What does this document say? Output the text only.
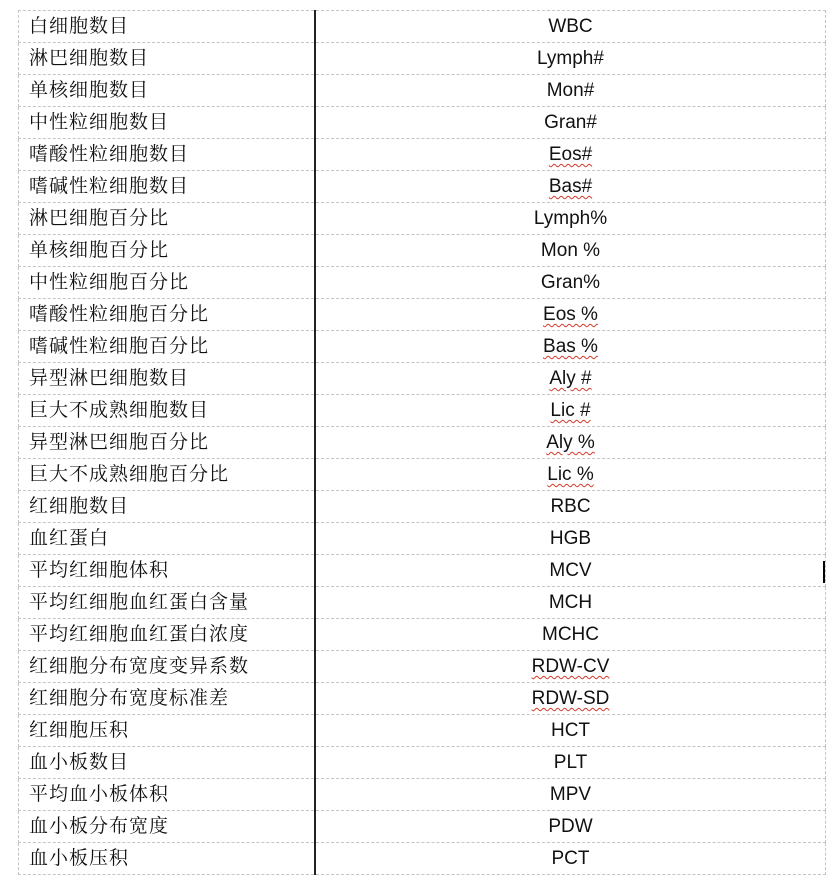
白细胞数目	WBC
淋巴细胞数目	Lymph#
单核细胞数目	Mon#
中性粒细胞数目	Gran#
嗜酸性粒细胞数目	Eos#
嗜碱性粒细胞数目	Bas#
淋巴细胞百分比	Lymph%
单核细胞百分比	Mon %
中性粒细胞百分比	Gran%
嗜酸性粒细胞百分比	Eos %
嗜碱性粒细胞百分比	Bas %
异型淋巴细胞数目	Aly #
巨大不成熟细胞数目	Lic #
异型淋巴细胞百分比	Aly %
巨大不成熟细胞百分比	Lic %
红细胞数目	RBC
血红蛋白	HGB
平均红细胞体积	MCV
平均红细胞血红蛋白含量	MCH
平均红细胞血红蛋白浓度	MCHC
红细胞分布宽度变异系数	RDW-CV
红细胞分布宽度标准差	RDW-SD
红细胞压积	HCT
血小板数目	PLT
平均血小板体积	MPV
血小板分布宽度	PDW
血小板压积	PCT
